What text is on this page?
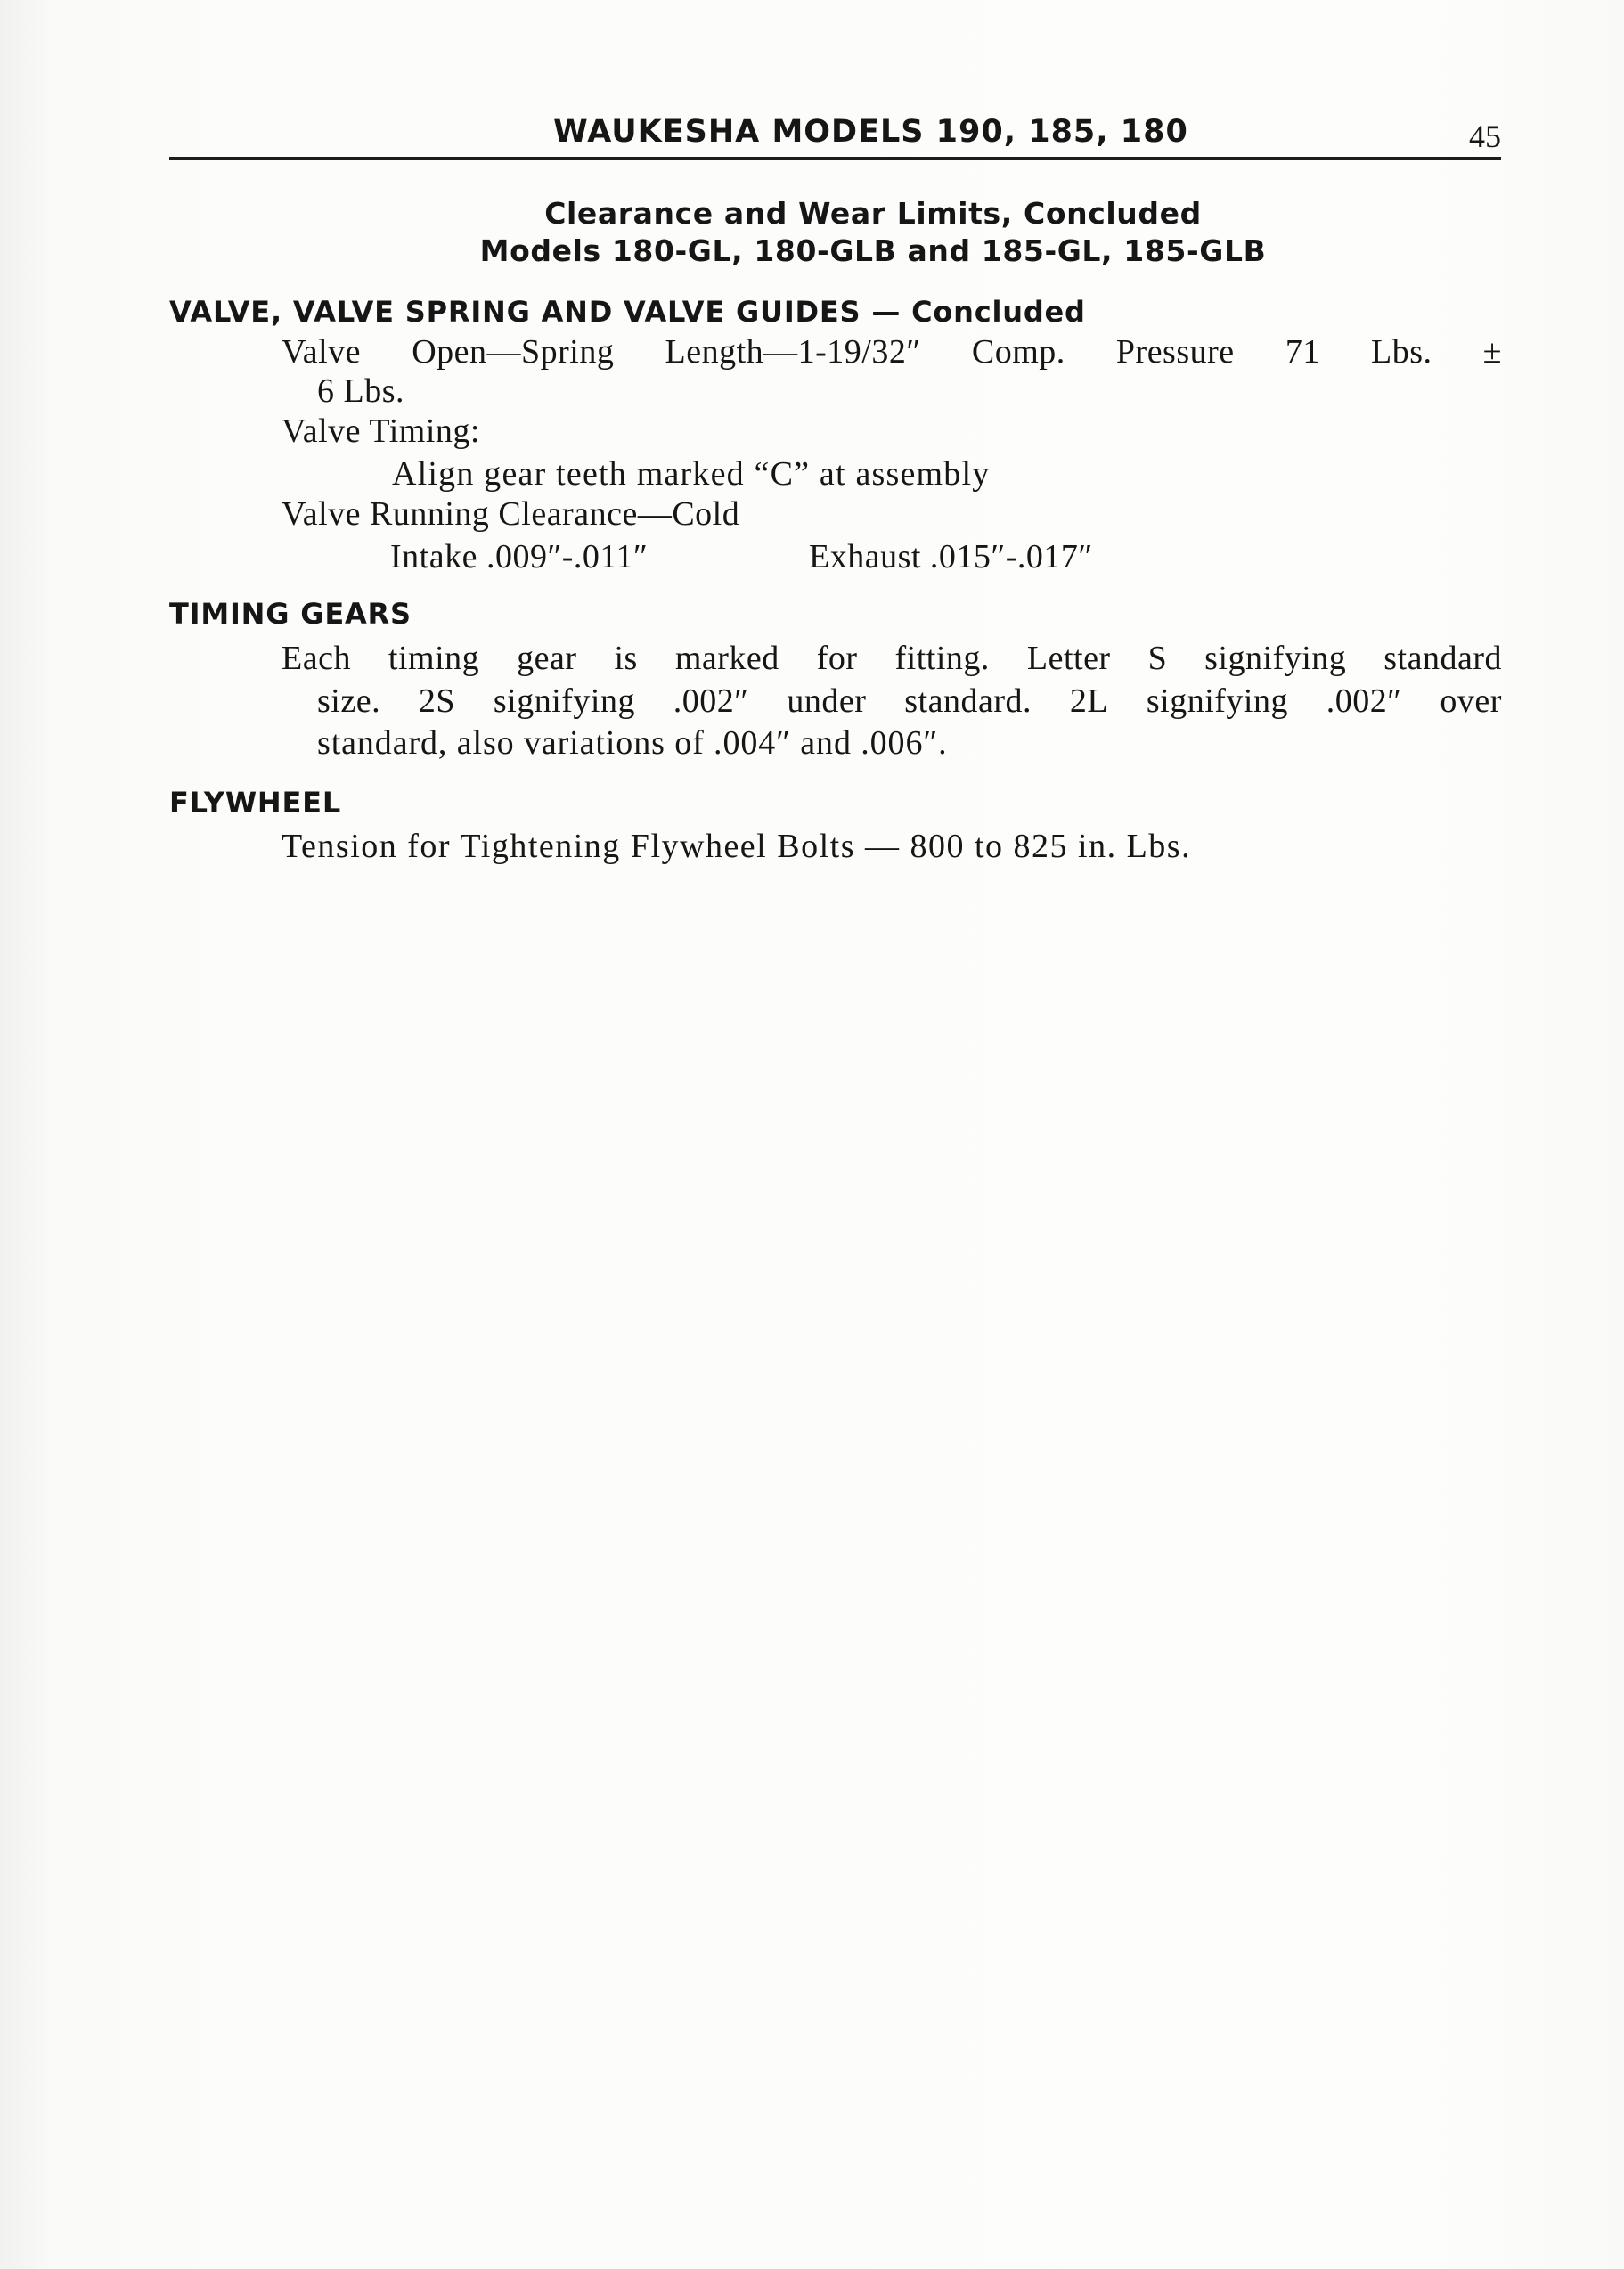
WAUKESHA MODELS 190, 185, 180	45
Clearance and Wear Limits, Concluded
Models 180-GL, 180-GLB and 185-GL, 185-GLB
VALVE, VALVE SPRING AND VALVE GUIDES — Concluded
Valve Open—Spring Length—1-19/32″ Comp. Pressure 71 Lbs. ±
6 Lbs.
Valve Timing:
Align gear teeth marked “C” at assembly
Valve Running Clearance—Cold
Intake .009″-.011″	Exhaust .015″-.017″
TIMING GEARS
Each timing gear is marked for fitting. Letter S signifying standard
size. 2S signifying .002″ under standard. 2L signifying .002″ over
standard, also variations of .004″ and .006″.
FLYWHEEL
Tension for Tightening Flywheel Bolts — 800 to 825 in. Lbs.
